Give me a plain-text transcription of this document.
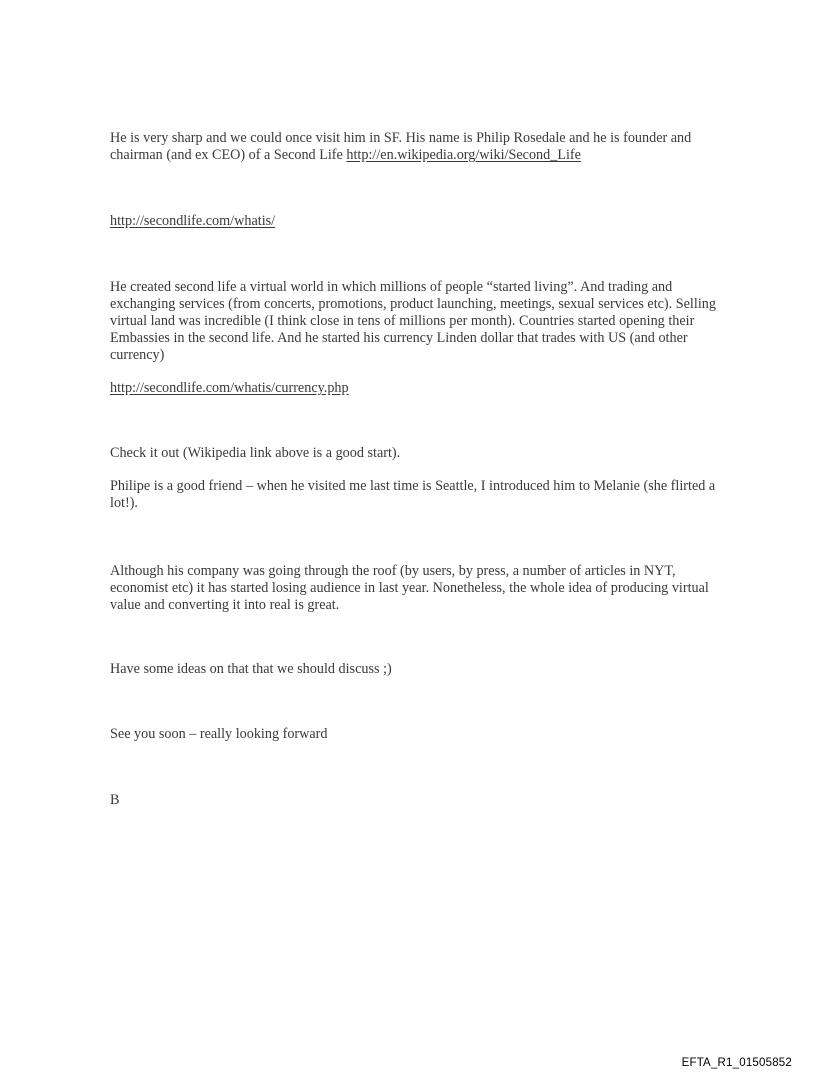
He is very sharp and we could once visit him in SF. His name is Philip Rosedale and he is founder and chairman (and ex CEO) of a Second Life http://en.wikipedia.org/wiki/Second_Life

http://secondlife.com/whatis/

He created second life a virtual world in which millions of people “started living”. And trading and exchanging services (from concerts, promotions, product launching, meetings, sexual services etc). Selling virtual land was incredible (I think close in tens of millions per month). Countries started opening their Embassies in the second life. And he started his currency Linden dollar that trades with US (and other currency)

http://secondlife.com/whatis/currency.php

Check it out (Wikipedia link above is a good start).

Philipe is a good friend – when he visited me last time is Seattle, I introduced him to Melanie (she flirted a lot!).

Although his company was going through the roof (by users, by press, a number of articles in NYT, economist etc) it has started losing audience in last year. Nonetheless, the whole idea of producing virtual value and converting it into real is great.

Have some ideas on that that we should discuss ;)

See you soon – really looking forward

B

EFTA_R1_01505852
